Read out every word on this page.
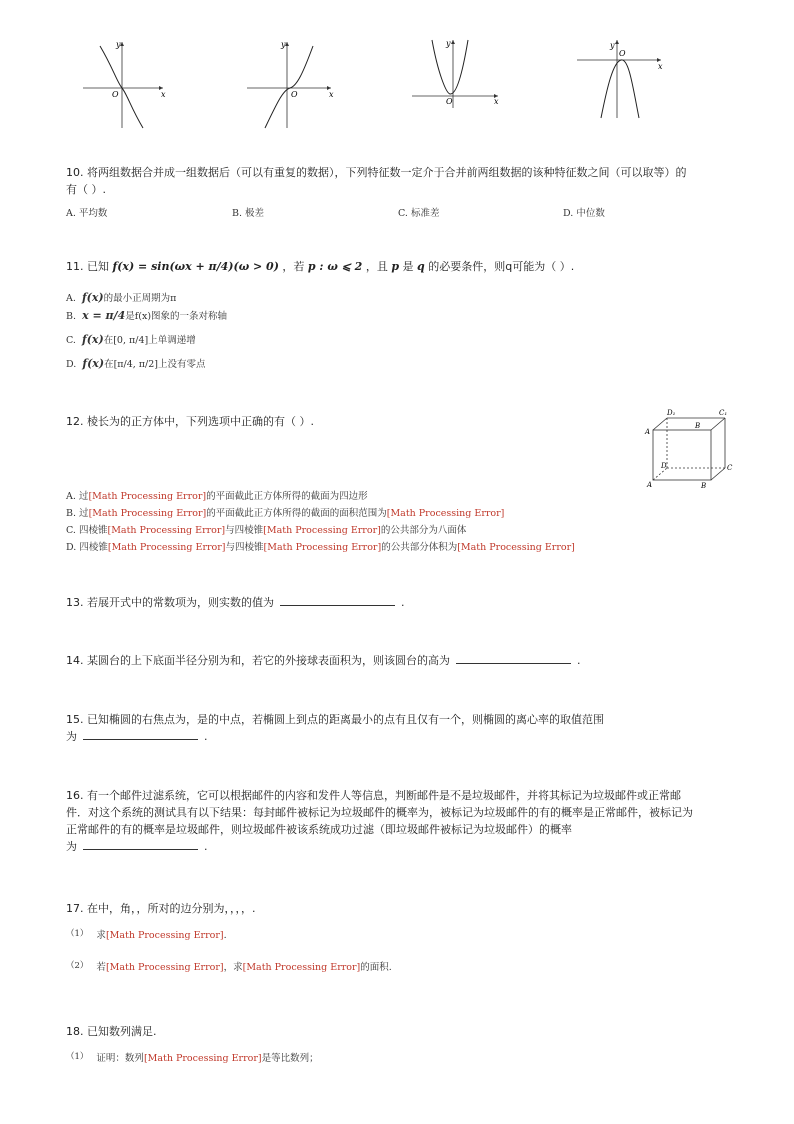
y
x
O
y
x
O
y
x
O
y
x
O
10. 将两组数据合并成一组数据后（可以有重复的数据），下列特征数一定介于合并前两组数据的该种特征数之间（可以取等）的
有（ ）.
A. 平均数	B. 极差	C. 标准差	D. 中位数
11. 已知 f(x) = sin(ωx + π/4)(ω > 0) ，若 p : ω ⩽ 2 ，且 p 是 q 的必要条件，则q可能为（ ）.
A. f(x)的最小正周期为π
B. x = π/4是f(x)图象的一条对称轴
C. f(x)在[0, π/4]上单调递增
D. f(x)在[π/4, π/2]上没有零点
12. 棱长为的正方体中，下列选项中正确的有（ ）.
D₁	C₁
A
B
D	C
A	B
A. 过[Math Processing Error]的平面截此正方体所得的截面为四边形
B. 过[Math Processing Error]的平面截此正方体所得的截面的面积范围为[Math Processing Error]
C. 四棱锥[Math Processing Error]与四棱锥[Math Processing Error]的公共部分为八面体
D. 四棱锥[Math Processing Error]与四棱锥[Math Processing Error]的公共部分体积为[Math Processing Error]
13. 若展开式中的常数项为，则实数的值为	.
14. 某圆台的上下底面半径分别为和，若它的外接球表面积为，则该圆台的高为	.
15. 已知椭圆的右焦点为，是的中点，若椭圆上到点的距离最小的点有且仅有一个，则椭圆的离心率的取值范围
为	.
16. 有一个邮件过滤系统，它可以根据邮件的内容和发件人等信息，判断邮件是不是垃圾邮件，并将其标记为垃圾邮件或正常邮
件．对这个系统的测试具有以下结果：每封邮件被标记为垃圾邮件的概率为，被标记为垃圾邮件的有的概率是正常邮件，被标记为
正常邮件的有的概率是垃圾邮件，则垃圾邮件被该系统成功过滤（即垃圾邮件被标记为垃圾邮件）的概率
为	.
17. 在中，角，，所对的边分别为，，，，.
（1） 求[Math Processing Error].
（2） 若[Math Processing Error]，求[Math Processing Error]的面积.
18. 已知数列满足.
（1） 证明：数列[Math Processing Error]是等比数列；
